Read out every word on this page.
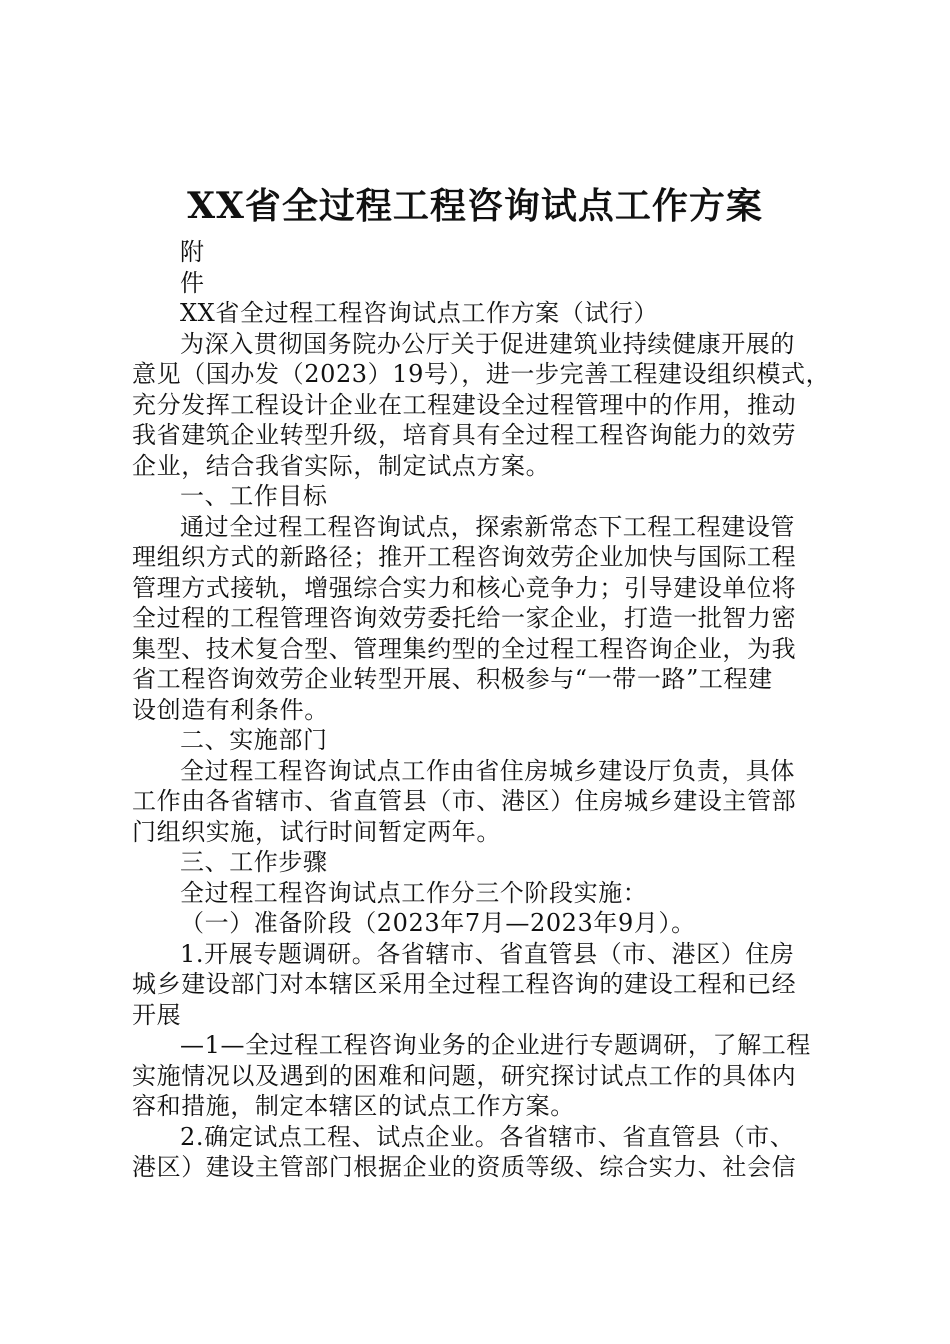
XX省全过程工程咨询试点工作方案

附

件

XX省全过程工程咨询试点工作方案（试行）

为深入贯彻国务院办公厅关于促进建筑业持续健康开展的
意见（国办发（2023）19号），进一步完善工程建设组织模式，
充分发挥工程设计企业在工程建设全过程管理中的作用，推动
我省建筑企业转型升级，培育具有全过程工程咨询能力的效劳
企业，结合我省实际，制定试点方案。

一、工作目标

通过全过程工程咨询试点，探索新常态下工程工程建设管
理组织方式的新路径；推开工程咨询效劳企业加快与国际工程
管理方式接轨，增强综合实力和核心竞争力；引导建设单位将
全过程的工程管理咨询效劳委托给一家企业，打造一批智力密
集型、技术复合型、管理集约型的全过程工程咨询企业，为我
省工程咨询效劳企业转型开展、积极参与“一带一路”工程建
设创造有利条件。

二、实施部门

全过程工程咨询试点工作由省住房城乡建设厅负责，具体
工作由各省辖市、省直管县（市、港区）住房城乡建设主管部
门组织实施，试行时间暂定两年。

三、工作步骤

全过程工程咨询试点工作分三个阶段实施：

（一）准备阶段（2023年7月—2023年9月）。

1.开展专题调研。各省辖市、省直管县（市、港区）住房
城乡建设部门对本辖区采用全过程工程咨询的建设工程和已经
开展

—1—全过程工程咨询业务的企业进行专题调研，了解工程
实施情况以及遇到的困难和问题，研究探讨试点工作的具体内
容和措施，制定本辖区的试点工作方案。

2.确定试点工程、试点企业。各省辖市、省直管县（市、
港区）建设主管部门根据企业的资质等级、综合实力、社会信
